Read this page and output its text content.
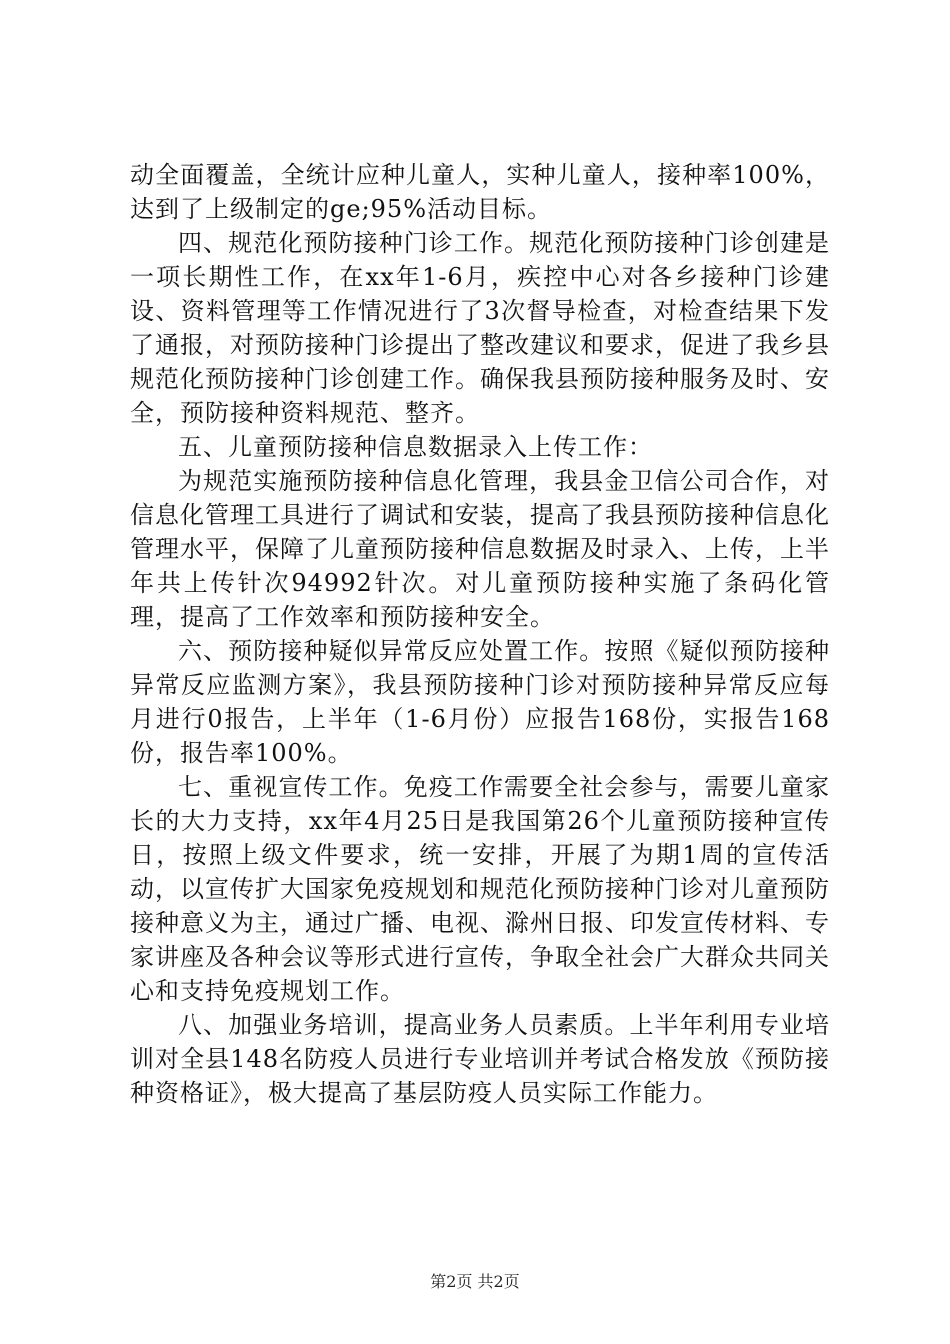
动全面覆盖，全统计应种儿童人，实种儿童人，接种率100%，达到了上级制定的ge;95%活动目标。

四、规范化预防接种门诊工作。规范化预防接种门诊创建是一项长期性工作，在xx年1-6月，疾控中心对各乡接种门诊建设、资料管理等工作情况进行了3次督导检查，对检查结果下发了通报，对预防接种门诊提出了整改建议和要求，促进了我乡县规范化预防接种门诊创建工作。确保我县预防接种服务及时、安全，预防接种资料规范、整齐。

五、儿童预防接种信息数据录入上传工作：

为规范实施预防接种信息化管理，我县金卫信公司合作，对信息化管理工具进行了调试和安装，提高了我县预防接种信息化管理水平，保障了儿童预防接种信息数据及时录入、上传，上半年共上传针次94992针次。对儿童预防接种实施了条码化管理，提高了工作效率和预防接种安全。

六、预防接种疑似异常反应处置工作。按照《疑似预防接种异常反应监测方案》，我县预防接种门诊对预防接种异常反应每月进行0报告，上半年（1-6月份）应报告168份，实报告168份，报告率100%。

七、重视宣传工作。免疫工作需要全社会参与，需要儿童家长的大力支持，xx年4月25日是我国第26个儿童预防接种宣传日，按照上级文件要求，统一安排，开展了为期1周的宣传活动，以宣传扩大国家免疫规划和规范化预防接种门诊对儿童预防接种意义为主，通过广播、电视、滁州日报、印发宣传材料、专家讲座及各种会议等形式进行宣传，争取全社会广大群众共同关心和支持免疫规划工作。

八、加强业务培训，提高业务人员素质。上半年利用专业培训对全县148名防疫人员进行专业培训并考试合格发放《预防接种资格证》，极大提高了基层防疫人员实际工作能力。

第2页 共2页
